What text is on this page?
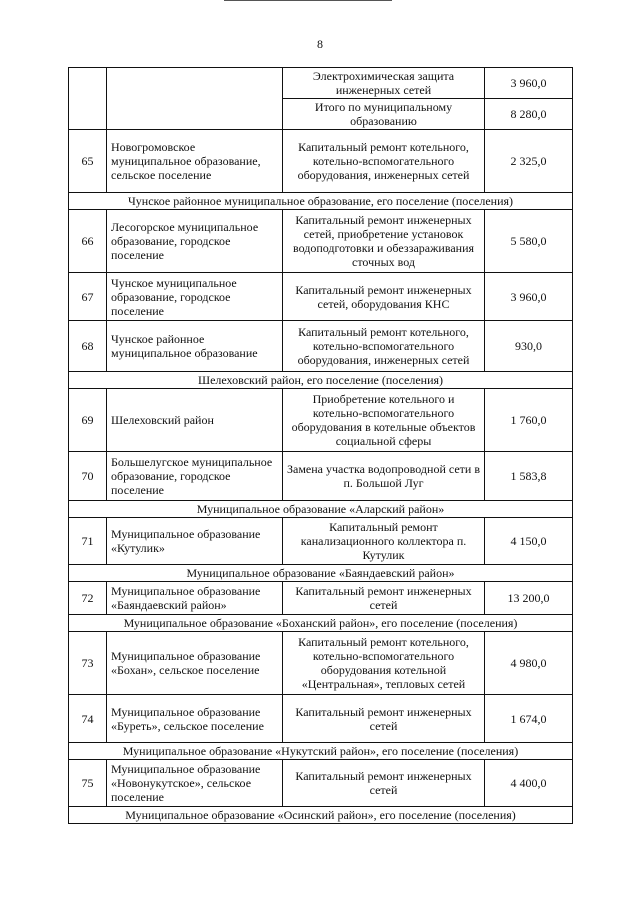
8
		Электрохимическая защита инженерных сетей	3 960,0
		Итого по муниципальному образованию	8 280,0
65	Новогромовское муниципальное образование, сельское поселение	Капитальный ремонт котельного, котельно-вспомогательного оборудования, инженерных сетей	2 325,0
Чунское районное муниципальное образование, его поселение (поселения)			
66	Лесогорское муниципальное образование, городское поселение	Капитальный ремонт инженерных сетей, приобретение установок водоподготовки и обеззараживания сточных вод	5 580,0
67	Чунское муниципальное образование, городское поселение	Капитальный ремонт инженерных сетей, оборудования КНС	3 960,0
68	Чунское районное муниципальное образование	Капитальный ремонт котельного, котельно-вспомогательного оборудования, инженерных сетей	930,0
Шелеховский район, его поселение (поселения)			
69	Шелеховский район	Приобретение котельного и котельно-вспомогательного оборудования в котельные объектов социальной сферы	1 760,0
70	Большелугское муниципальное образование, городское поселение	Замена участка водопроводной сети в п. Большой Луг	1 583,8
Муниципальное образование «Аларский район»			
71	Муниципальное образование «Кутулик»	Капитальный ремонт канализационного коллектора п. Кутулик	4 150,0
Муниципальное образование «Баяндаевский район»			
72	Муниципальное образование «Баяндаевский район»	Капитальный ремонт инженерных сетей	13 200,0
Муниципальное образование «Боханский район», его поселение (поселения)			
73	Муниципальное образование «Бохан», сельское поселение	Капитальный ремонт котельного, котельно-вспомогательного оборудования котельной «Центральная», тепловых сетей	4 980,0
74	Муниципальное образование «Буреть», сельское поселение	Капитальный ремонт инженерных сетей	1 674,0
Муниципальное образование «Нукутский район», его поселение (поселения)			
75	Муниципальное образование «Новонукутское», сельское поселение	Капитальный ремонт инженерных сетей	4 400,0
Муниципальное образование «Осинский район», его поселение (поселения)			
